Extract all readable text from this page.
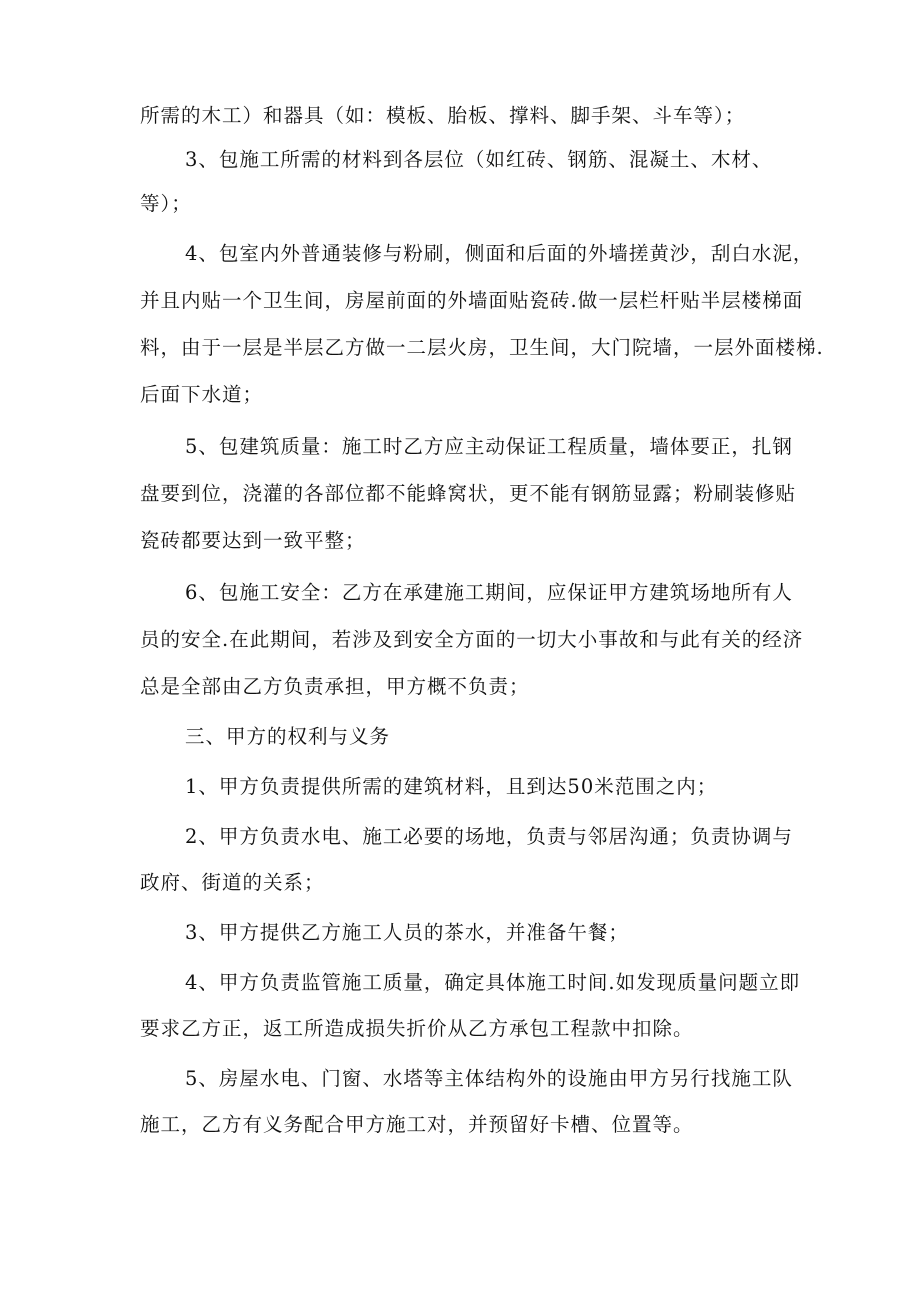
所需的木工）和器具（如：模板、胎板、撑料、脚手架、斗车等）；
3、包施工所需的材料到各层位（如红砖、钢筋、混凝土、木材、
等）；
4、包室内外普通装修与粉刷，侧面和后面的外墙搓黄沙，刮白水泥，
并且内贴一个卫生间，房屋前面的外墙面贴瓷砖.做一层栏杆贴半层楼梯面
料，由于一层是半层乙方做一二层火房，卫生间，大门院墙，一层外面楼梯.
后面下水道；
5、包建筑质量：施工时乙方应主动保证工程质量，墙体要正，扎钢
盘要到位，浇灌的各部位都不能蜂窝状，更不能有钢筋显露；粉刷装修贴
瓷砖都要达到一致平整；
6、包施工安全：乙方在承建施工期间，应保证甲方建筑场地所有人
员的安全.在此期间，若涉及到安全方面的一切大小事故和与此有关的经济
总是全部由乙方负责承担，甲方概不负责；
三、甲方的权利与义务
1、甲方负责提供所需的建筑材料，且到达50米范围之内；
2、甲方负责水电、施工必要的场地，负责与邻居沟通；负责协调与
政府、街道的关系；
3、甲方提供乙方施工人员的茶水，并准备午餐；
4、甲方负责监管施工质量，确定具体施工时间.如发现质量问题立即
要求乙方正，返工所造成损失折价从乙方承包工程款中扣除。
5、房屋水电、门窗、水塔等主体结构外的设施由甲方另行找施工队
施工，乙方有义务配合甲方施工对，并预留好卡槽、位置等。
